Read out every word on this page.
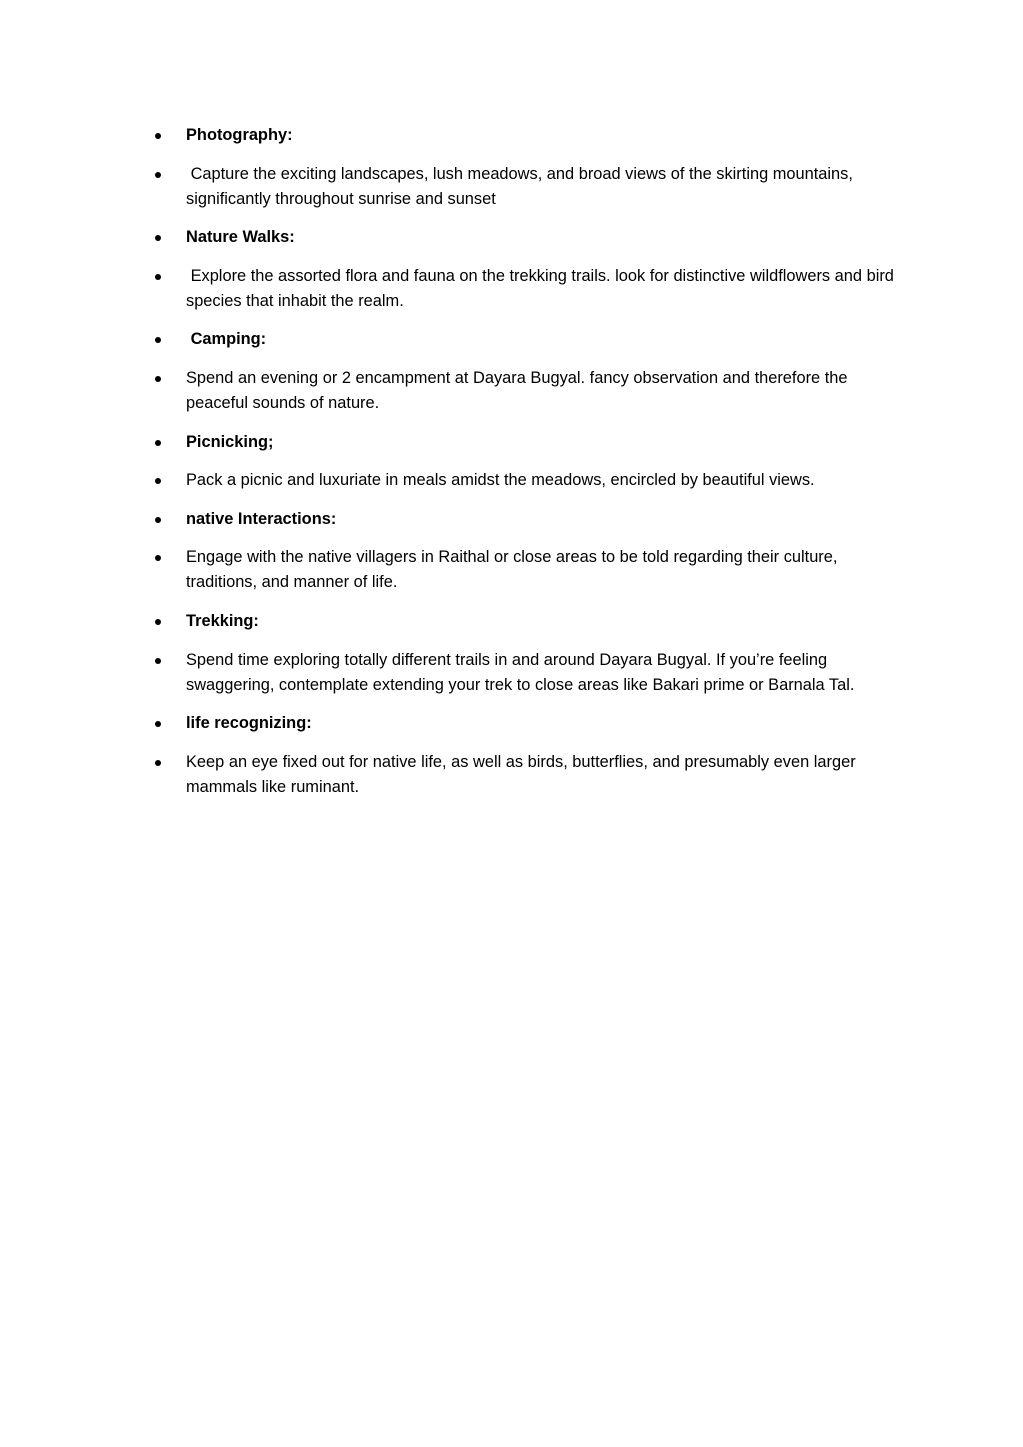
Photography:
Capture the exciting landscapes, lush meadows, and broad views of the skirting mountains, significantly throughout sunrise and sunset
Nature Walks:
Explore the assorted flora and fauna on the trekking trails. look for distinctive wildflowers and bird species that inhabit the realm.
Camping:
Spend an evening or 2 encampment at Dayara Bugyal. fancy observation and therefore the peaceful sounds of nature.
Picnicking;
Pack a picnic and luxuriate in meals amidst the meadows, encircled by beautiful views.
native Interactions:
Engage with the native villagers in Raithal or close areas to be told regarding their culture, traditions, and manner of life.
Trekking:
Spend time exploring totally different trails in and around Dayara Bugyal. If you’re feeling swaggering, contemplate extending your trek to close areas like Bakari prime or Barnala Tal.
life recognizing:
Keep an eye fixed out for native life, as well as birds, butterflies, and presumably even larger mammals like ruminant.
